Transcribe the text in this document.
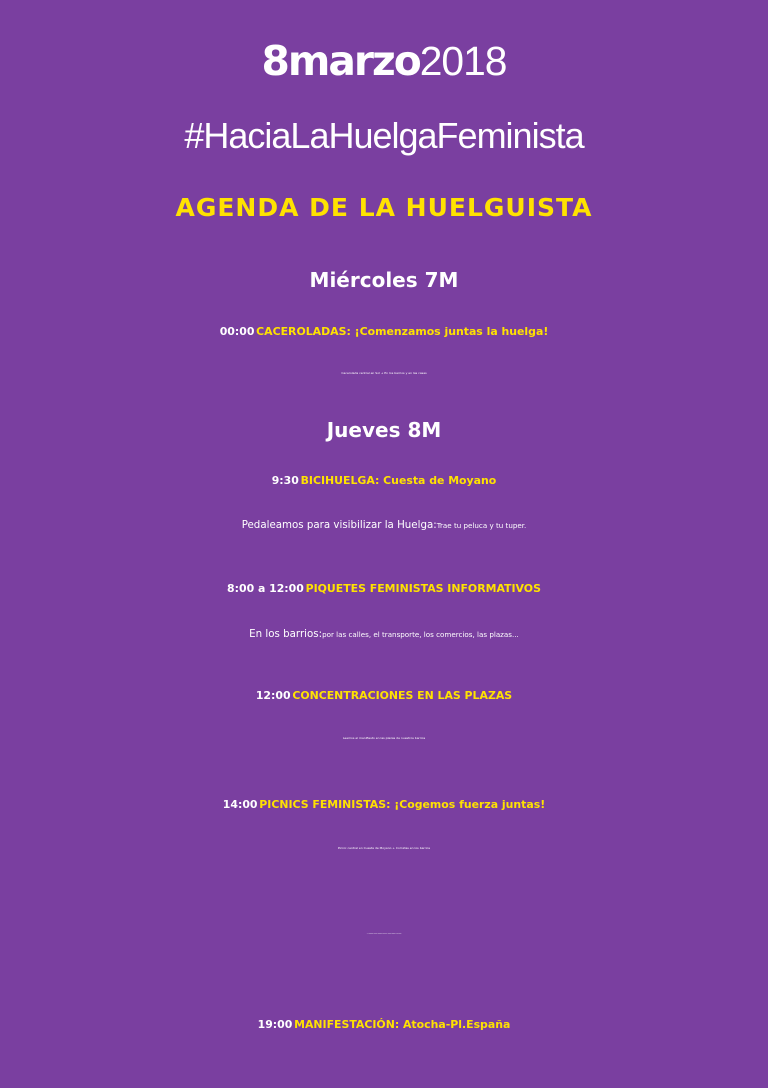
8marzo2018
#HaciaLaHuelgaFeminista
AGENDA DE LA HUELGUISTA
Miércoles 7M
00:00 CACEROLADAS: ¡Comenzamos juntas la huelga!
Cacerolada central en Sol + En los barrios y en las casas
Jueves 8M
9:30 BICIHUELGA: Cuesta de Moyano
Pedaleamos para visibilizar la Huelga: Trae tu peluca y tu tuper.
8:00 a 12:00 PIQUETES FEMINISTAS INFORMATIVOS
En los barrios: por las calles, el transporte, los comercios, las plazas...
12:00 CONCENTRACIONES EN LAS PLAZAS
Leemos el manifiesto en las plazas de nuestros barrios
14:00 PICNICS FEMINISTAS: ¡Cogemos fuerza juntas!
Picnic central en Cuesta de Moyano + Comidas en los barrios
...y después: Desde algunos barrios, ¡Vamos juntas a la mani!
19:00 MANIFESTACIÓN: Atocha-Pl.España
